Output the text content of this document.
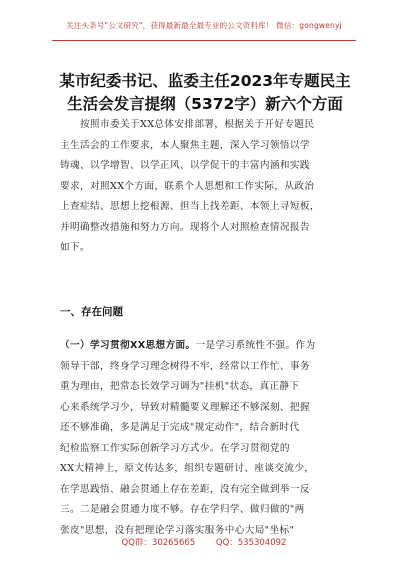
关注头条号"公文研究"，获得最新最全最专业的公文资料库！ 微信：gongwenyj
某市纪委书记、监委主任2023年专题民主
生活会发言提纲（5372字）新六个方面
按照市委关于XX总体安排部署，根据关于开好专题民
主生活会的工作要求，本人聚焦主题，深入学习领悟以学
铸魂、以学增智、以学正风、以学促干的丰富内涵和实践
要求，对照XX个方面，联系个人思想和工作实际，从政治
上查症结、思想上挖根源、担当上找差距、本领上寻短板，
并明确整改措施和努力方向。现将个人对照检查情况报告
如下。
一、存在问题
（一）学习贯彻XX思想方面。一是学习系统性不强。作为
领导干部，终身学习理念树得不牢，经常以工作忙、事务
重为理由，把常态长效学习调为"挂机"状态，真正静下
心来系统学习少，导致对精髓要义理解还不够深刻、把握
还不够准确，多是满足于完成"规定动作"，结合新时代
纪检监察工作实际创新学习方式少。在学习贯彻党的
XX大精神上，原文传达多，组织专题研讨、座谈交流少，
在学思践悟、融会贯通上存在差距，没有完全做到举一反
三。二是融会贯通力度不够。存在学归学、做归做的"两
张皮"思想，没有把理论学习落实服务中心大局"坐标"
QQ群：30265665 QQ：535304092
